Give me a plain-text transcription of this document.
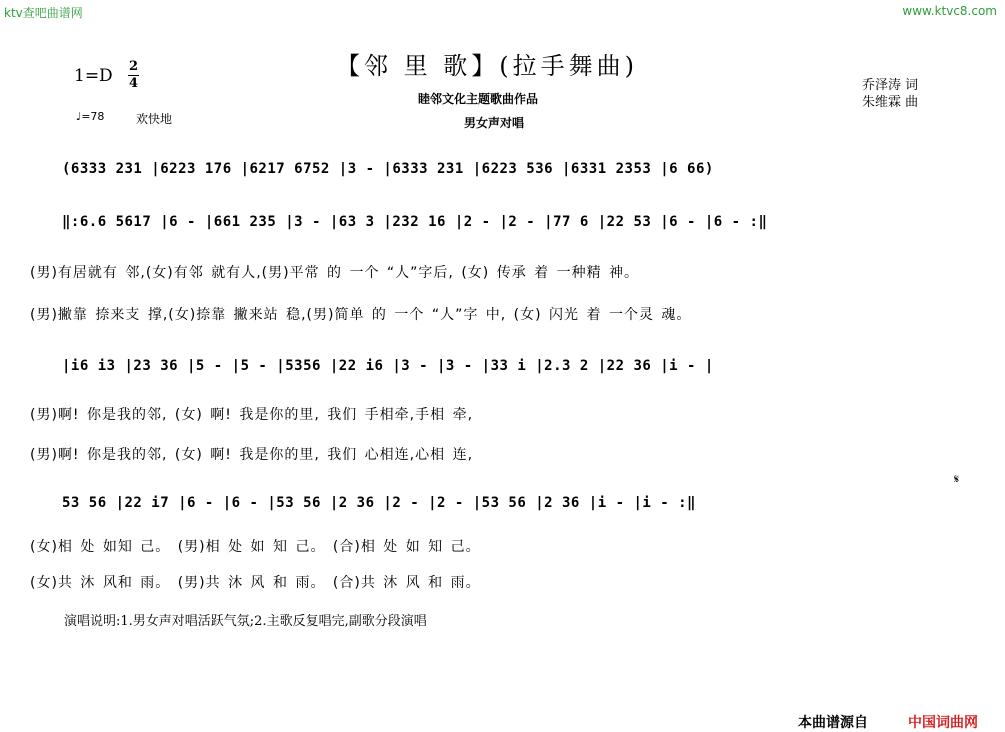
ktv查吧曲谱网	www.ktvc8.com
1=D 2
4
♩=78	欢快地
【邻 里 歌】(拉手舞曲)
睦邻文化主题歌曲作品
男女声对唱
乔泽涛 词
朱维霖 曲
(6333 231 |6223 176 |6217 6752 |3 - |6333 231 |6223 536 |6331 2353 |6 66)
‖:6.6 5617 |6 - |661 235 |3 - |63 3 |232 16 |2 - |2 - |77 6 |22 53 |6 - |6 - :‖
(男)有居就有 邻,(女)有邻 就有人,(男)平常 的 一个 “人”字后, (女) 传承 着 一种精 神。
(男)撇靠 捺来支 撑,(女)捺靠 撇来站 稳,(男)简单 的 一个 “人”字 中, (女) 闪光 着 一个灵 魂。
|i6 i3 |23 36 |5 - |5 - |5356 |22 i6 |3 - |3 - |33 i |2.3 2 |22 36 |i - |
(男)啊! 你是我的邻, (女) 啊! 我是你的里, 我们 手相牵,手相 牵,
(男)啊! 你是我的邻, (女) 啊! 我是你的里, 我们 心相连,心相 连,
53 56 |22 i7 |6 - |6 - |53 56 |2 36 |2 - |2 - |53 56 |2 36 |i - |i - :‖
𝄋
(女)相 处 如知 己。 (男)相 处 如 知 己。 (合)相 处 如 知 己。
(女)共 沐 风和 雨。 (男)共 沐 风 和 雨。 (合)共 沐 风 和 雨。
演唱说明:1.男女声对唱活跃气氛;2.主歌反复唱完,副歌分段演唱
本曲谱源自	中国词曲网
